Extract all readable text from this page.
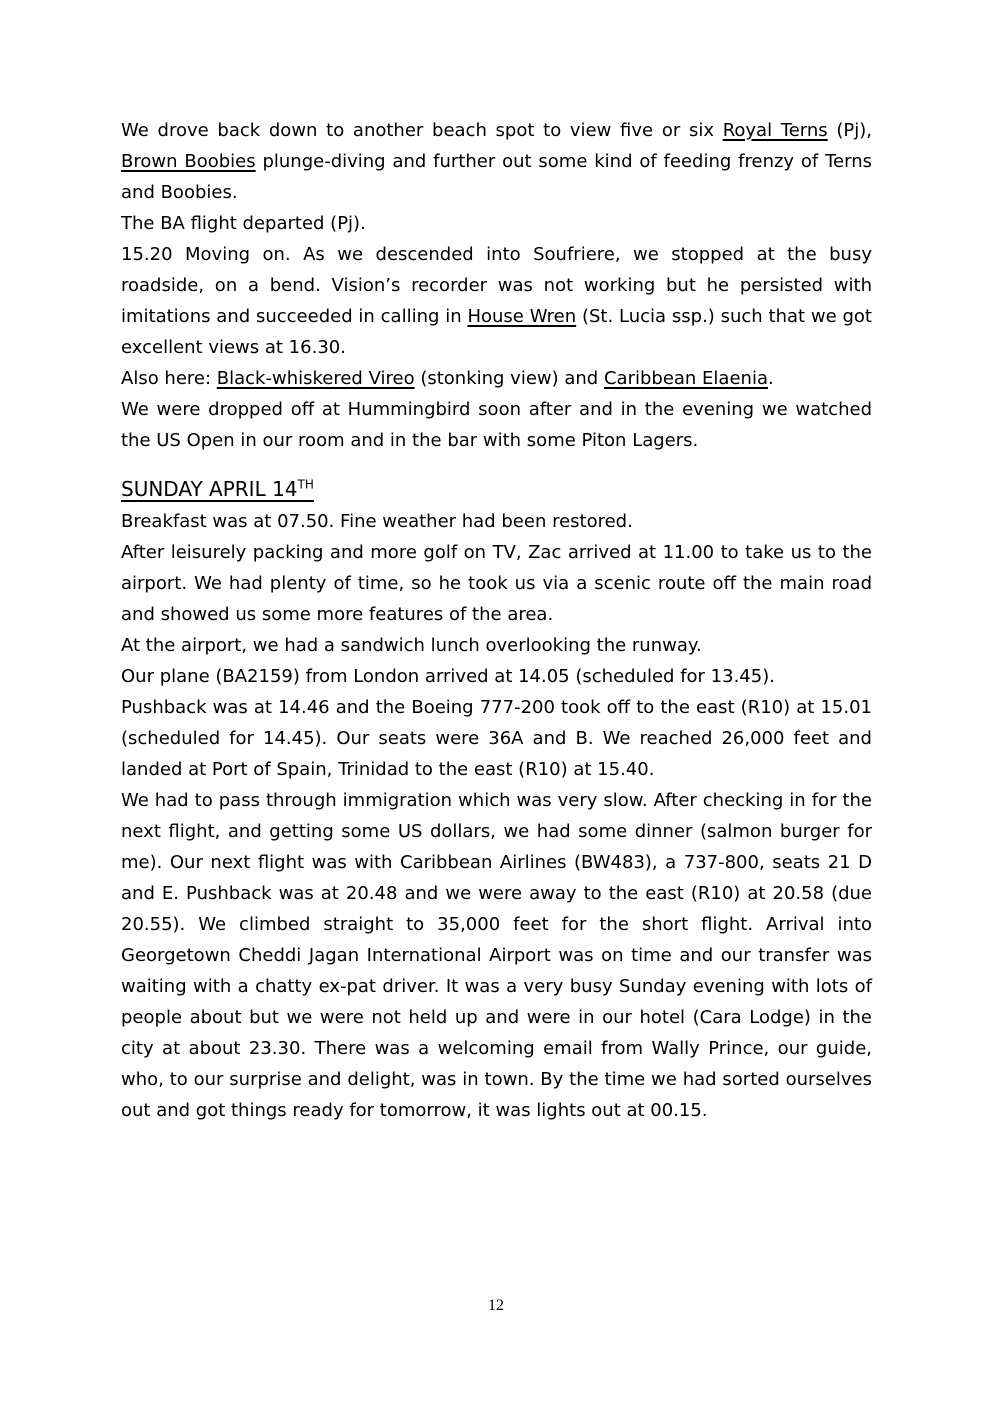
We drove back down to another beach spot to view five or six Royal Terns (Pj), Brown Boobies plunge-diving and further out some kind of feeding frenzy of Terns and Boobies.

The BA flight departed (Pj).

15.20 Moving on. As we descended into Soufriere, we stopped at the busy roadside, on a bend. Vision’s recorder was not working but he persisted with imitations and succeeded in calling in House Wren (St. Lucia ssp.) such that we got excellent views at 16.30.

Also here: Black-whiskered Vireo (stonking view) and Caribbean Elaenia.

We were dropped off at Hummingbird soon after and in the evening we watched the US Open in our room and in the bar with some Piton Lagers.

SUNDAY APRIL 14TH

Breakfast was at 07.50. Fine weather had been restored.

After leisurely packing and more golf on TV, Zac arrived at 11.00 to take us to the airport. We had plenty of time, so he took us via a scenic route off the main road and showed us some more features of the area.

At the airport, we had a sandwich lunch overlooking the runway.

Our plane (BA2159) from London arrived at 14.05 (scheduled for 13.45).

Pushback was at 14.46 and the Boeing 777-200 took off to the east (R10) at 15.01 (scheduled for 14.45). Our seats were 36A and B. We reached 26,000 feet and landed at Port of Spain, Trinidad to the east (R10) at 15.40.

We had to pass through immigration which was very slow. After checking in for the next flight, and getting some US dollars, we had some dinner (salmon burger for me). Our next flight was with Caribbean Airlines (BW483), a 737-800, seats 21 D and E. Pushback was at 20.48 and we were away to the east (R10) at 20.58 (due 20.55). We climbed straight to 35,000 feet for the short flight. Arrival into Georgetown Cheddi Jagan International Airport was on time and our transfer was waiting with a chatty ex-pat driver. It was a very busy Sunday evening with lots of people about but we were not held up and were in our hotel (Cara Lodge) in the city at about 23.30. There was a welcoming email from Wally Prince, our guide, who, to our surprise and delight, was in town. By the time we had sorted ourselves out and got things ready for tomorrow, it was lights out at 00.15.

12
